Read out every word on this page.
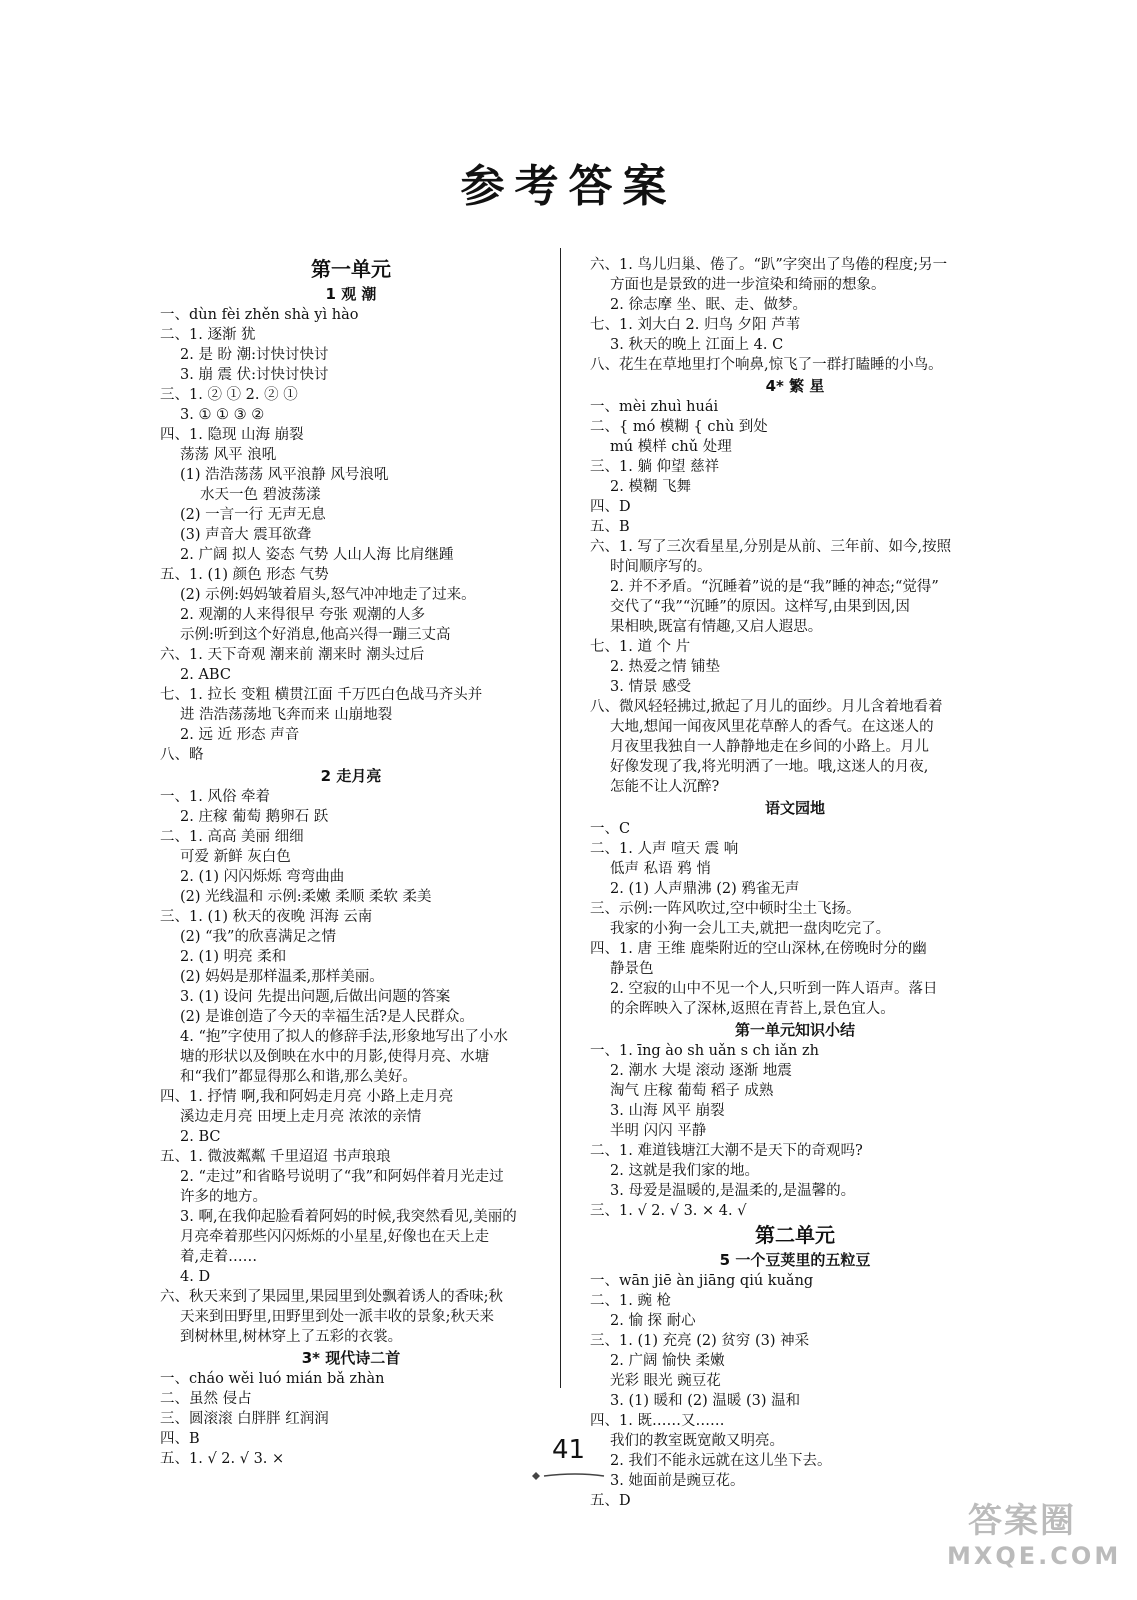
参考答案
第一单元
1 观 潮
一、dùn fèi zhěn shà yì hào
二、1. 逐渐 犹
2. 是 盼 潮:讨快讨快讨
3. 崩 震 伏:讨快讨快讨
三、1. ② ① 2. ② ①
3. ① ① ③ ②
四、1. 隐现 山海 崩裂
荡荡 风平 浪吼
(1) 浩浩荡荡 风平浪静 风号浪吼
水天一色 碧波荡漾
(2) 一言一行 无声无息
(3) 声音大 震耳欲聋
2. 广阔 拟人 姿态 气势 人山人海 比肩继踵
五、1. (1) 颜色 形态 气势
(2) 示例:妈妈皱着眉头,怒气冲冲地走了过来。
2. 观潮的人来得很早 夸张 观潮的人多
示例:听到这个好消息,他高兴得一蹦三丈高
六、1. 天下奇观 潮来前 潮来时 潮头过后
2. ABC
七、1. 拉长 变粗 横贯江面 千万匹白色战马齐头并
进 浩浩荡荡地飞奔而来 山崩地裂
2. 远 近 形态 声音
八、略
2 走月亮
一、1. 风俗 牵着
2. 庄稼 葡萄 鹅卵石 跃
二、1. 高高 美丽 细细
可爱 新鲜 灰白色
2. (1) 闪闪烁烁 弯弯曲曲
(2) 光线温和 示例:柔嫩 柔顺 柔软 柔美
三、1. (1) 秋天的夜晚 洱海 云南
(2) “我”的欣喜满足之情
2. (1) 明亮 柔和
(2) 妈妈是那样温柔,那样美丽。
3. (1) 设问 先提出问题,后做出问题的答案
(2) 是谁创造了今天的幸福生活?是人民群众。
4. “抱”字使用了拟人的修辞手法,形象地写出了小水
塘的形状以及倒映在水中的月影,使得月亮、水塘
和“我们”都显得那么和谐,那么美好。
四、1. 抒情 啊,我和阿妈走月亮 小路上走月亮
溪边走月亮 田埂上走月亮 浓浓的亲情
2. BC
五、1. 微波粼粼 千里迢迢 书声琅琅
2. “走过”和省略号说明了“我”和阿妈伴着月光走过
许多的地方。
3. 啊,在我仰起脸看着阿妈的时候,我突然看见,美丽的
月亮牵着那些闪闪烁烁的小星星,好像也在天上走
着,走着……
4. D
六、秋天来到了果园里,果园里到处飘着诱人的香味;秋
天来到田野里,田野里到处一派丰收的景象;秋天来
到树林里,树林穿上了五彩的衣裳。
3* 现代诗二首
一、cháo wěi luó mián bǎ zhàn
二、虽然 侵占
三、圆滚滚 白胖胖 红润润
四、B
五、1. √ 2. √ 3. ×
六、1. 鸟儿归巢、倦了。“趴”字突出了鸟倦的程度;另一
方面也是景致的进一步渲染和绮丽的想象。
2. 徐志摩 坐、眠、走、做梦。
七、1. 刘大白 2. 归鸟 夕阳 芦苇
3. 秋天的晚上 江面上 4. C
八、花生在草地里打个响鼻,惊飞了一群打瞌睡的小鸟。
4* 繁 星
一、mèi zhuì huái
二、{ mó 模糊 { chù 到处
mú 模样 chǔ 处理
三、1. 躺 仰望 慈祥
2. 模糊 飞舞
四、D
五、B
六、1. 写了三次看星星,分别是从前、三年前、如今,按照
时间顺序写的。
2. 并不矛盾。“沉睡着”说的是“我”睡的神态;“觉得”
交代了“我”“沉睡”的原因。这样写,由果到因,因
果相映,既富有情趣,又启人遐思。
七、1. 道 个 片
2. 热爱之情 铺垫
3. 情景 感受
八、微风轻轻拂过,掀起了月儿的面纱。月儿含着地看着
大地,想闻一闻夜风里花草醉人的香气。在这迷人的
月夜里我独自一人静静地走在乡间的小路上。月儿
好像发现了我,将光明洒了一地。哦,这迷人的月夜,
怎能不让人沉醉?
语文园地
一、C
二、1. 人声 喧天 震 响
低声 私语 鸦 悄
2. (1) 人声鼎沸 (2) 鸦雀无声
三、示例:一阵风吹过,空中顿时尘土飞扬。
我家的小狗一会儿工夫,就把一盘肉吃完了。
四、1. 唐 王维 鹿柴附近的空山深林,在傍晚时分的幽
静景色
2. 空寂的山中不见一个人,只听到一阵人语声。落日
的余晖映入了深林,返照在青苔上,景色宜人。
第一单元知识小结
一、1. īng ào sh uǎn s ch iǎn zh
2. 潮水 大堤 滚动 逐渐 地震
淘气 庄稼 葡萄 稻子 成熟
3. 山海 风平 崩裂
半明 闪闪 平静
二、1. 难道钱塘江大潮不是天下的奇观吗?
2. 这就是我们家的地。
3. 母爱是温暖的,是温柔的,是温馨的。
三、1. √ 2. √ 3. × 4. √
第二单元
5 一个豆荚里的五粒豆
一、wān jiē àn jiāng qiú kuǎng
二、1. 豌 枪
2. 愉 探 耐心
三、1. (1) 充亮 (2) 贫穷 (3) 神采
2. 广阔 愉快 柔嫩
光彩 眼光 豌豆花
3. (1) 暖和 (2) 温暖 (3) 温和
四、1. 既……又……
我们的教室既宽敞又明亮。
2. 我们不能永远就在这儿坐下去。
3. 她面前是豌豆花。
五、D
41
答案圈
MXQE.COM
